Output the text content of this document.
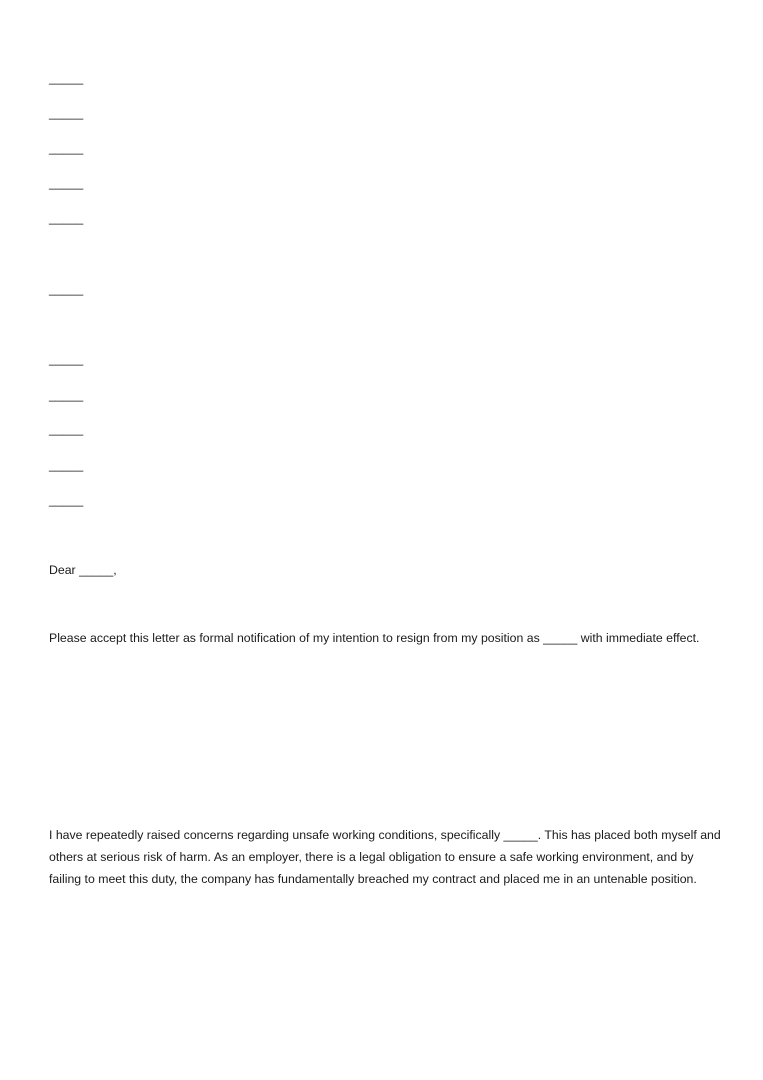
_____
_____
_____
_____
_____
_____
_____
_____
_____
_____
_____
Dear _____,

Please accept this letter as formal notification of my intention to resign from my position as _____ with immediate effect.

I have repeatedly raised concerns regarding unsafe working conditions, specifically _____. This has placed both myself and others at serious risk of harm. As an employer, there is a legal obligation to ensure a safe working environment, and by failing to meet this duty, the company has fundamentally breached my contract and placed me in an untenable position.
